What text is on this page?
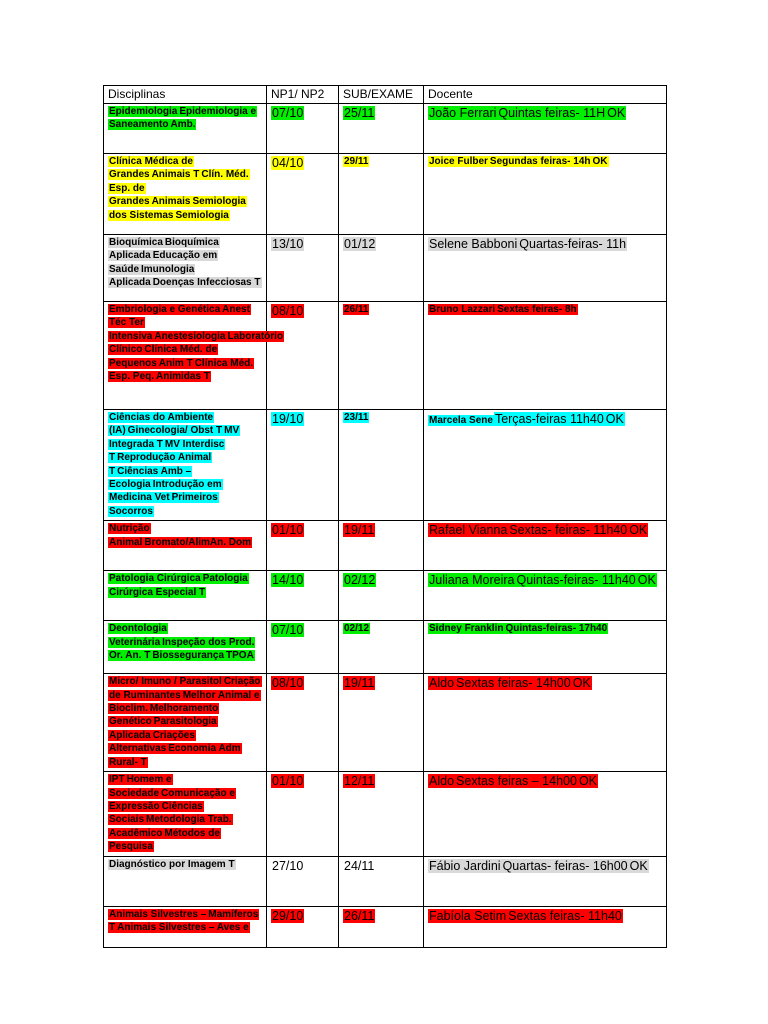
Disciplinas	NP1/ NP2	SUB/EXAME	Docente
Epidemiologia Epidemiologia e Saneamento Amb.	07/10	25/11	João Ferrari Quintas feiras- 11H OK
Clínica Médica de Grandes Animais T Clín. Méd. Esp. de Grandes Animais Semiologia dos Sistemas Semiologia	04/10	29/11	Joice Fulber Segundas feiras- 14h OK
Bioquímica Bioquímica Aplicada Educação em Saúde Imunologia Aplicada Doenças Infecciosas T	13/10	01/12	Selene Babboni Quartas-feiras- 11h
Embriologia e Genética Anest Téc Ter Intensiva Anestesiologia Laboratório Clínico Clínica Méd. de Pequenos Anim T Clínica Méd. Esp. Peq. Animidas T	08/10	26/11	Bruno Lazzari Sextas feiras- 8h
Ciências do Ambiente (IA) Ginecologia/ Obst T MV Integrada T MV Interdisc T Reprodução Animal T Ciências Amb – Ecologia Introdução em Medicina Vet Primeiros Socorros	19/10	23/11	Marcela Sene Terças-feiras 11h40 OK
Nutrição Animal Bromato/AlimAn. Dom	01/10	19/11	Rafael Vianna Sextas- feiras- 11h40 OK
Patologia Cirúrgica Patologia Cirúrgica Especial T	14/10	02/12	Juliana Moreira Quintas-feiras- 11h40 OK
Deontologia Veterinária Inspeção dos Prod. Or. An. T Biossegurança TPOA	07/10	02/12	Sidney Franklin Quintas-feiras- 17h40
Micro/ Imuno / Parasitol Criação de Ruminantes Melhor Animal e Bioclim. Melhoramento Genético Parasitologia Aplicada Criações Alternativas Economia Adm Rural- T	08/10	19/11	Aldo Sextas feiras- 14h00 OK
IPT Homem e Sociedade Comunicação e Expressão Ciências Sociais Metodologia Trab. Acadêmico Métodos de Pesquisa	01/10	12/11	Aldo Sextas feiras – 14h00 OK
Diagnóstico por Imagem T	27/10	24/11	Fábio Jardini Quartas- feiras- 16h00 OK
Animais Silvestres – Mamíferos T Animais Silvestres – Aves e	29/10	26/11	Fabíola Setim Sextas feiras- 11h40
